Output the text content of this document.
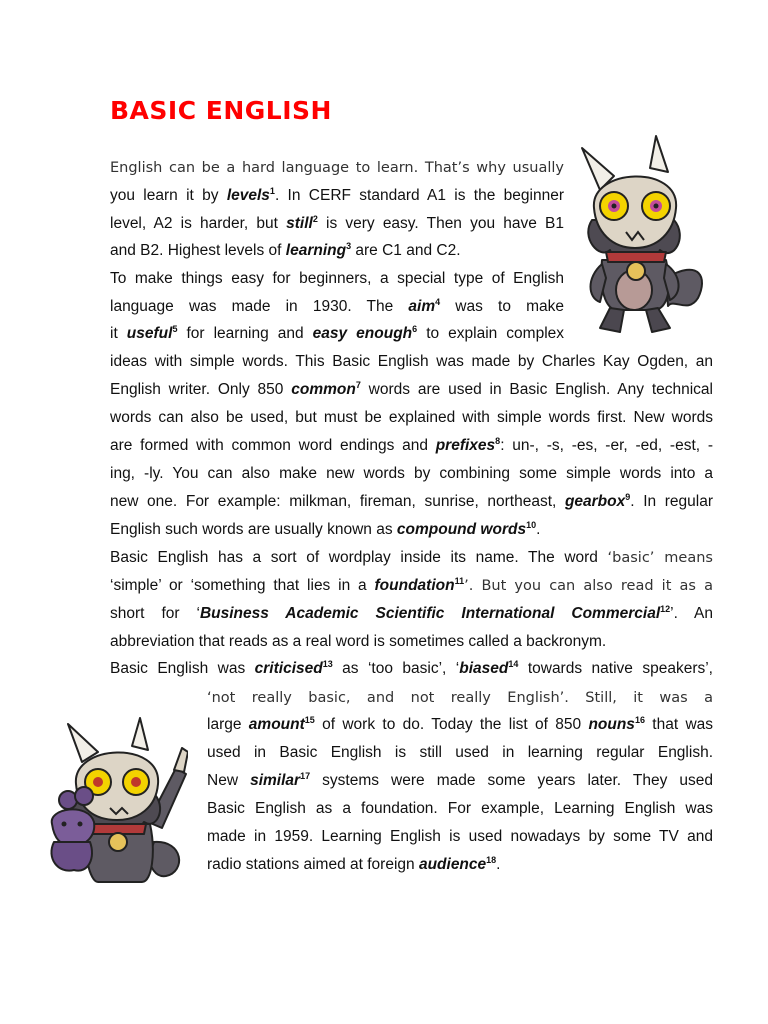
BASIC ENGLISH
English can be a hard language to learn. That’s why usually
you learn it by levels$^1$. In CERF standard A1 is the beginner
level, A2 is harder, but still$^2$ is very easy. Then you have B1
and B2. Highest levels of learning$^3$ are C1 and C2.
To make things easy for beginners, a special type of English
language was made in 1930. The aim$^4$ was to make
it useful$^5$ for learning and easy enough$^6$ to explain complex
ideas with simple words. This Basic English was made by Charles Kay Ogden, an
English writer. Only 850 common$^7$ words are used in Basic English. Any technical
words can also be used, but must be explained with simple words first. New words
are formed with common word endings and prefixes$^8$: un-, -s, -es, -er, -ed, -est, -
ing, -ly. You can also make new words by combining some simple words into a
new one. For example: milkman, fireman, sunrise, northeast, gearbox$^9$. In regular
English such words are usually known as compound words$^{10}$.
Basic English has a sort of wordplay inside its name. The word ‘basic’ means
‘simple’ or ‘something that lies in a foundation$^{11}$’. But you can also read it as a
short for ‘Business Academic Scientific International Commercial$^{12}$’. An
abbreviation that reads as a real word is sometimes called a backronym.
Basic English was criticised$^{13}$ as ‘too basic’, ‘biased$^{14}$ towards native speakers’,
‘not really basic, and not really English’. Still, it was a
large amount$^{15}$ of work to do. Today the list of 850 nouns$^{16}$ that was
used in Basic English is still used in learning regular English.
New similar$^{17}$ systems were made some years later. They used
Basic English as a foundation. For example, Learning English was
made in 1959. Learning English is used nowadays by some TV and
radio stations aimed at foreign audience$^{18}$.
